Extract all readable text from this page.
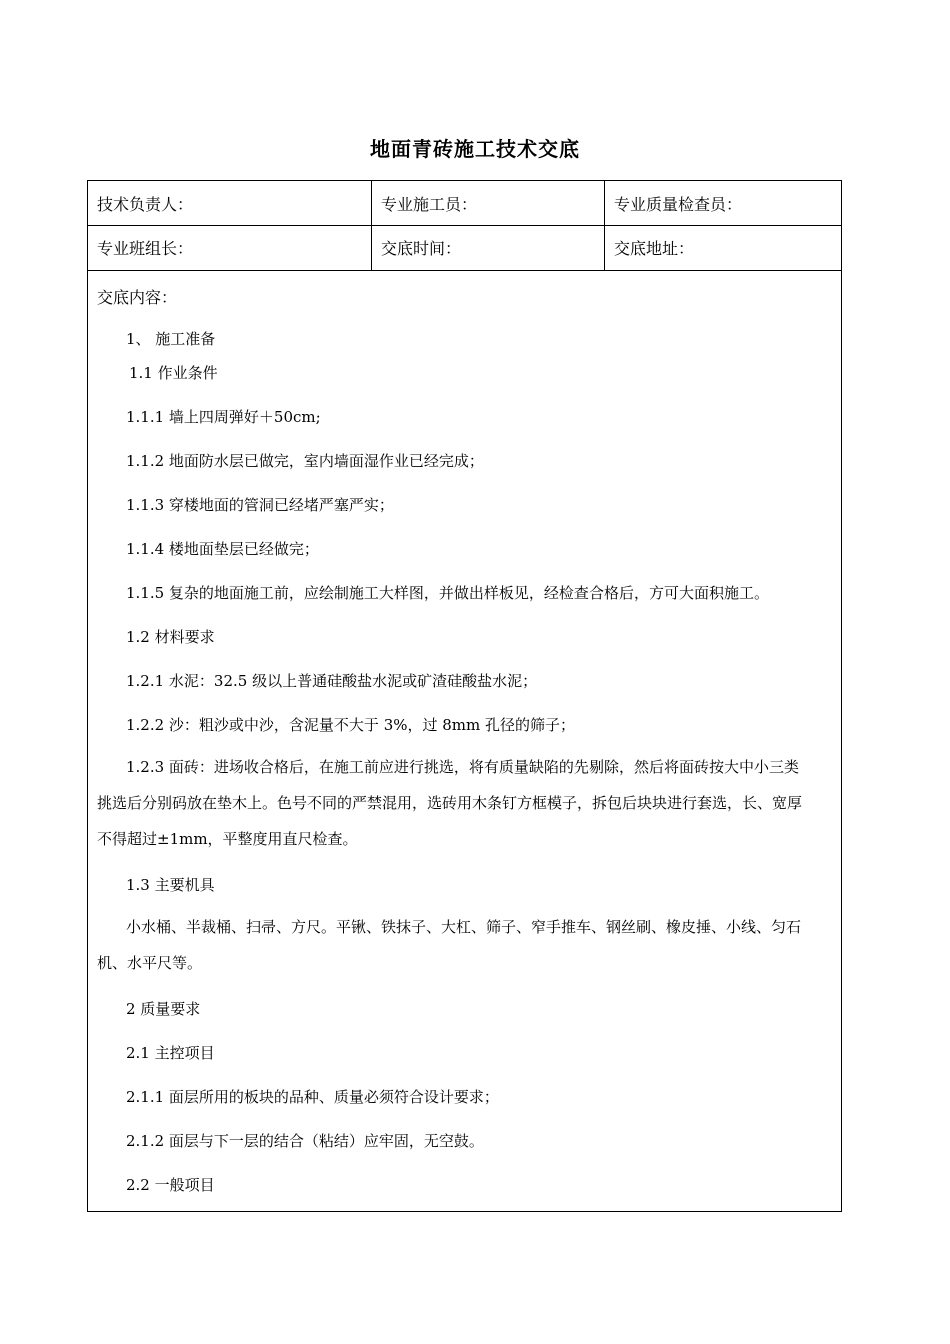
地面青砖施工技术交底
技术负责人：	专业施工员：	专业质量检查员：
专业班组长：	交底时间：	交底地址：
交底内容：
1、 施工准备
1.1 作业条件
1.1.1 墙上四周弹好＋50cm;
1.1.2 地面防水层已做完，室内墙面湿作业已经完成；
1.1.3 穿楼地面的管洞已经堵严塞严实；
1.1.4 楼地面垫层已经做完；
1.1.5 复杂的地面施工前，应绘制施工大样图，并做出样板见，经检查合格后，方可大面积施工。
1.2 材料要求
1.2.1 水泥：32.5 级以上普通硅酸盐水泥或矿渣硅酸盐水泥；
1.2.2 沙：粗沙或中沙，含泥量不大于 3%，过 8mm 孔径的筛子；
1.2.3 面砖：进场收合格后，在施工前应进行挑选，将有质量缺陷的先剔除，然后将面砖按大中小三类挑选后分别码放在垫木上。色号不同的严禁混用，选砖用木条钉方框模子，拆包后块块进行套选，长、宽厚不得超过±1mm，平整度用直尺检查。
1.3 主要机具
小水桶、半裁桶、扫帚、方尺。平锹、铁抹子、大杠、筛子、窄手推车、钢丝刷、橡皮捶、小线、匀石机、水平尺等。
2 质量要求
2.1 主控项目
2.1.1 面层所用的板块的品种、质量必须符合设计要求；
2.1.2 面层与下一层的结合（粘结）应牢固，无空鼓。
2.2 一般项目
